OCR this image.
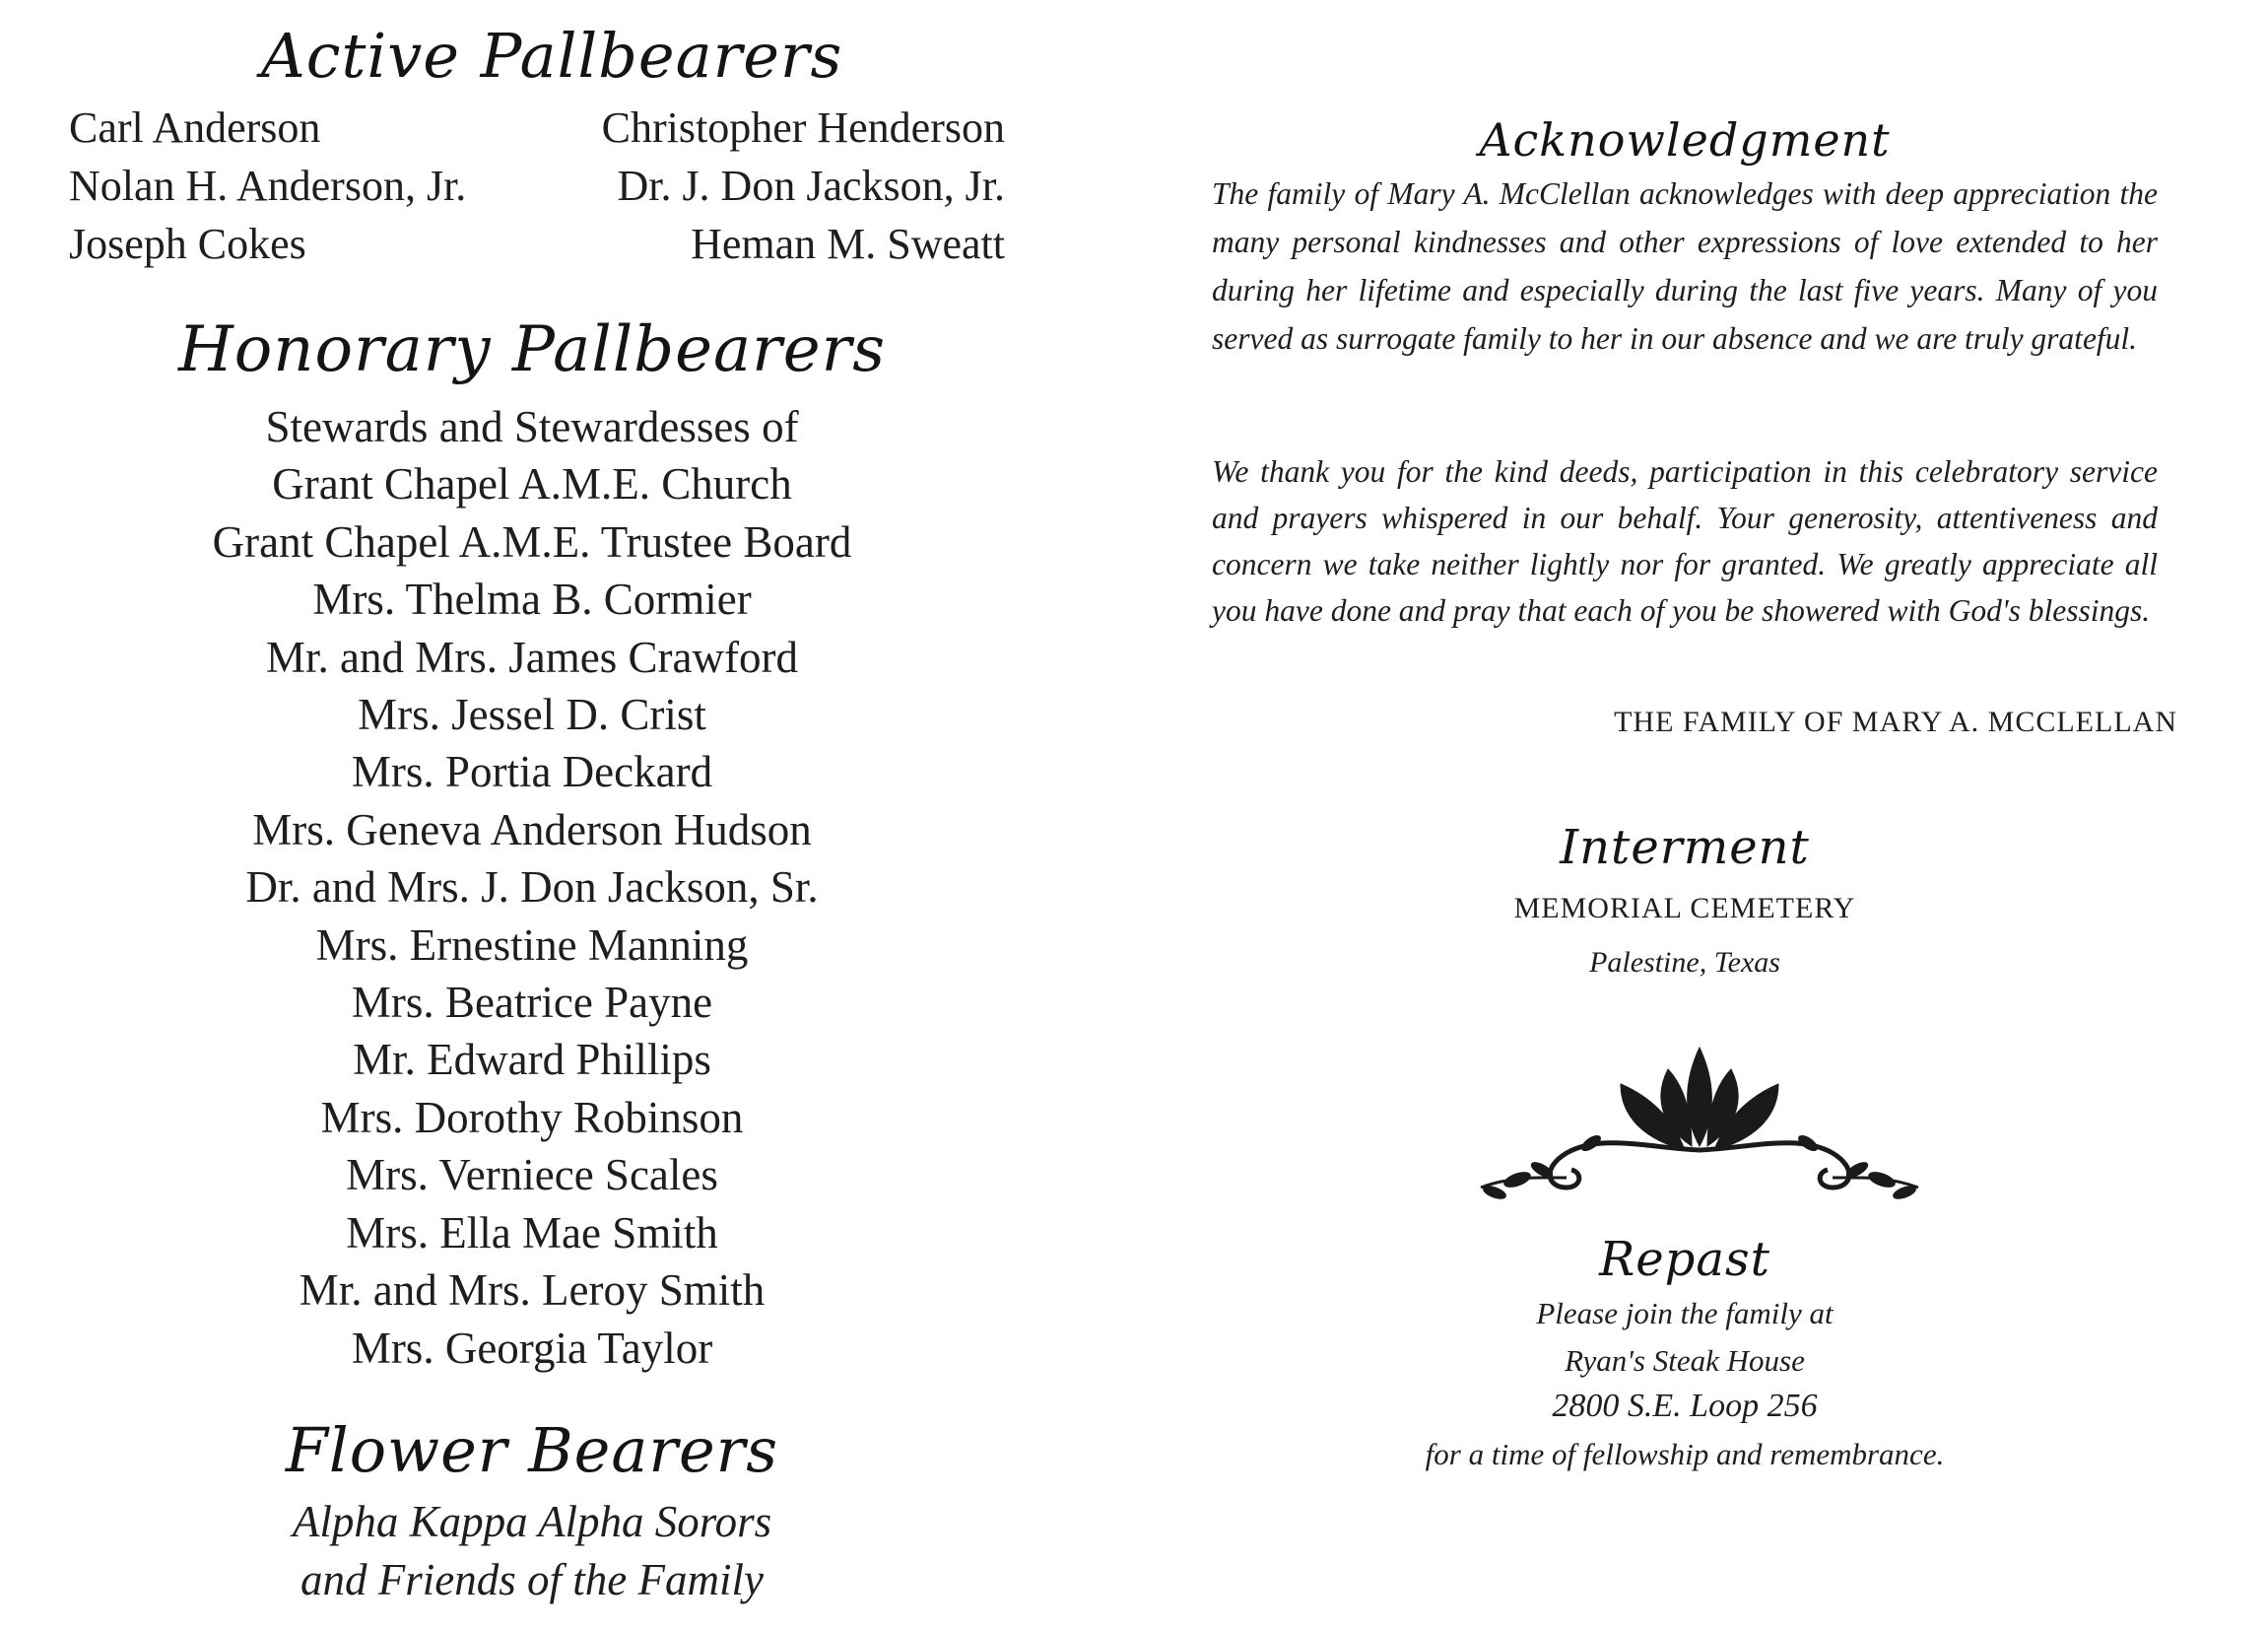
Active Pallbearers
Carl Anderson
Nolan H. Anderson, Jr.
Joseph Cokes
Christopher Henderson
Dr. J. Don Jackson, Jr.
Heman M. Sweatt
Honorary Pallbearers
Stewards and Stewardesses of
Grant Chapel A.M.E. Church
Grant Chapel A.M.E. Trustee Board
Mrs. Thelma B. Cormier
Mr. and Mrs. James Crawford
Mrs. Jessel D. Crist
Mrs. Portia Deckard
Mrs. Geneva Anderson Hudson
Dr. and Mrs. J. Don Jackson, Sr.
Mrs. Ernestine Manning
Mrs. Beatrice Payne
Mr. Edward Phillips
Mrs. Dorothy Robinson
Mrs. Verniece Scales
Mrs. Ella Mae Smith
Mr. and Mrs. Leroy Smith
Mrs. Georgia Taylor
Flower Bearers
Alpha Kappa Alpha Sorors
and Friends of the Family
Acknowledgment

The family of Mary A. McClellan acknowledges with deep appreciation the many personal kindnesses and other expressions of love extended to her during her lifetime and especially during the last five years. Many of you served as surrogate family to her in our absence and we are truly grateful.

We thank you for the kind deeds, participation in this celebratory service and prayers whispered in our behalf. Your generosity, attentiveness and concern we take neither lightly nor for granted. We greatly appreciate all you have done and pray that each of you be showered with God's blessings.

THE FAMILY OF MARY A. MCCLELLAN
Interment
MEMORIAL CEMETERY
Palestine, Texas
Repast
Please join the family at
Ryan's Steak House
2800 S.E. Loop 256
for a time of fellowship and remembrance.
